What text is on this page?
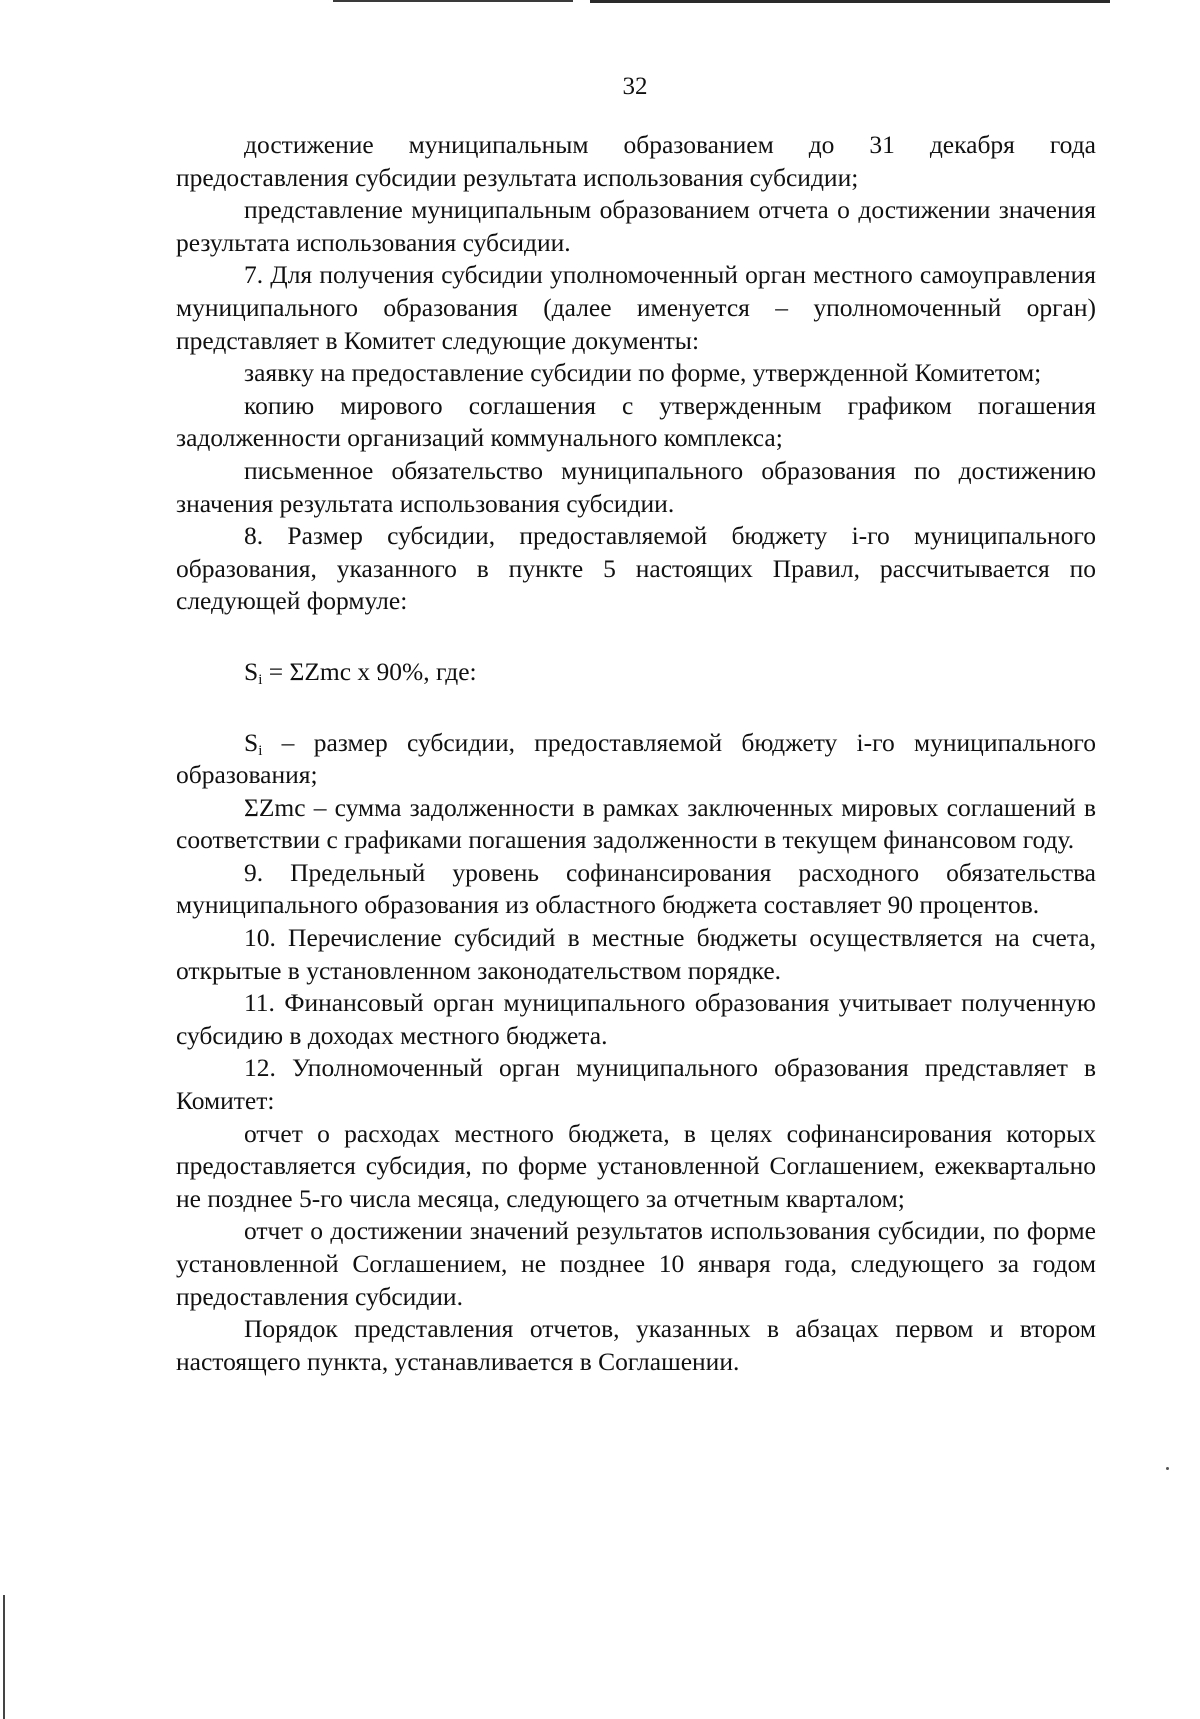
32

достижение муниципальным образованием до 31 декабря года предоставления субсидии результата использования субсидии;

представление муниципальным образованием отчета о достижении значения результата использования субсидии.

7. Для получения субсидии уполномоченный орган местного самоуправления муниципального образования (далее именуется – уполномоченный орган) представляет в Комитет следующие документы:

заявку на предоставление субсидии по форме, утвержденной Комитетом;

копию мирового соглашения с утвержденным графиком погашения задолженности организаций коммунального комплекса;

письменное обязательство муниципального образования по достижению значения результата использования субсидии.

8. Размер субсидии, предоставляемой бюджету i-го муниципального образования, указанного в пункте 5 настоящих Правил, рассчитывается по следующей формуле:

$S_i = \Sigma Zmc$ x 90%, где:

$S_i$ – размер субсидии, предоставляемой бюджету i-го муниципального образования;

ΣZmc – сумма задолженности в рамках заключенных мировых соглашений в соответствии с графиками погашения задолженности в текущем финансовом году.

9. Предельный уровень софинансирования расходного обязательства муниципального образования из областного бюджета составляет 90 процентов.

10. Перечисление субсидий в местные бюджеты осуществляется на счета, открытые в установленном законодательством порядке.

11. Финансовый орган муниципального образования учитывает полученную субсидию в доходах местного бюджета.

12. Уполномоченный орган муниципального образования представляет в Комитет:

отчет о расходах местного бюджета, в целях софинансирования которых предоставляется субсидия, по форме установленной Соглашением, ежеквартально не позднее 5-го числа месяца, следующего за отчетным кварталом;

отчет о достижении значений результатов использования субсидии, по форме установленной Соглашением, не позднее 10 января года, следующего за годом предоставления субсидии.

Порядок представления отчетов, указанных в абзацах первом и втором настоящего пункта, устанавливается в Соглашении.
